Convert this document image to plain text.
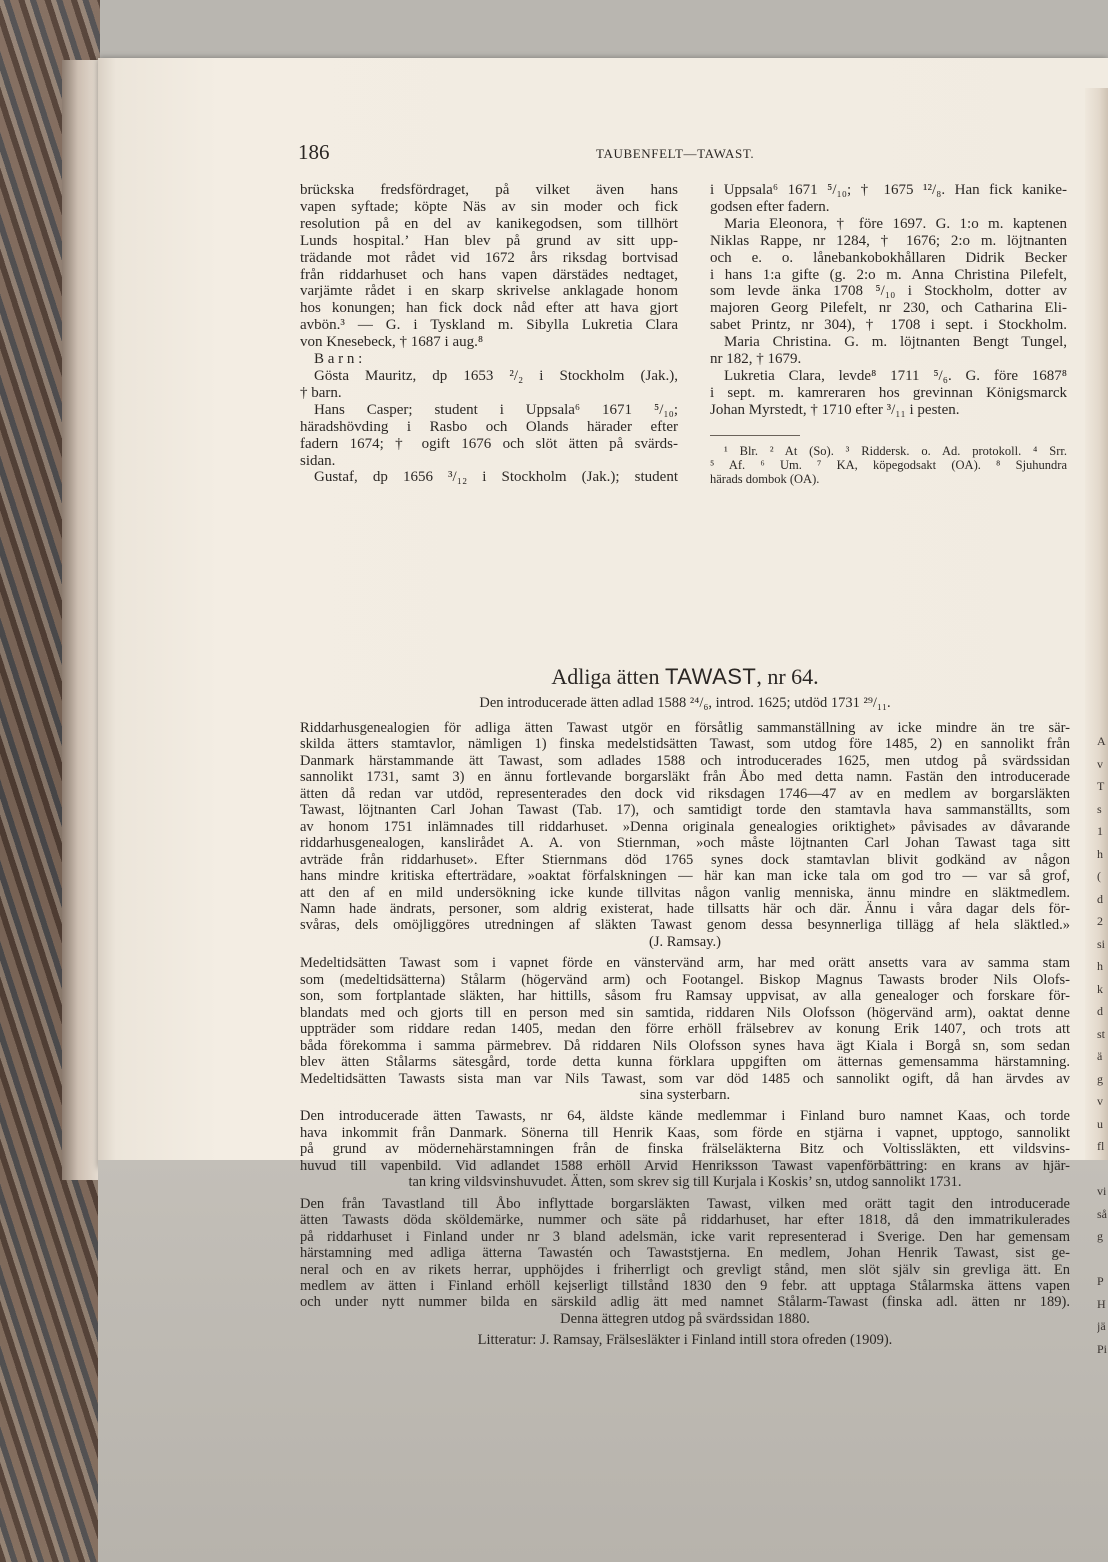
186	TAUBENFELT—TAWAST.
brückska fredsfördraget, på vilket även hans
vapen syftade; köpte Näs av sin moder och fick
resolution på en del av kanikegodsen, som tillhört
Lunds hospital.’ Han blev på grund av sitt upp-
trädande mot rådet vid 1672 års riksdag bortvisad
från riddarhuset och hans vapen därstädes nedtaget,
varjämte rådet i en skarp skrivelse anklagade honom
hos konungen; han fick dock nåd efter att hava gjort
avbön.³ — G. i Tyskland m. Sibylla Lukretia Clara
von Knesebeck, † 1687 i aug.⁸
B a r n :
Gösta Mauritz, dp 1653 ²/₂ i Stockholm (Jak.),
† barn.
Hans Casper; student i Uppsala⁶ 1671 ⁵/₁₀;
häradshövding i Rasbo och Olands härader efter
fadern 1674; † ogift 1676 och slöt ätten på svärds-
sidan.
Gustaf, dp 1656 ³/₁₂ i Stockholm (Jak.); student
i Uppsala⁶ 1671 ⁵/₁₀; † 1675 ¹²/₈. Han fick kanike-
godsen efter fadern.
Maria Eleonora, † före 1697. G. 1:o m. kaptenen
Niklas Rappe, nr 1284, † 1676; 2:o m. löjtnanten
och e. o. lånebankobokhållaren Didrik Becker
i hans 1:a gifte (g. 2:o m. Anna Christina Pilefelt,
som levde änka 1708 ⁵/₁₀ i Stockholm, dotter av
majoren Georg Pilefelt, nr 230, och Catharina Eli-
sabet Printz, nr 304), † 1708 i sept. i Stockholm.
Maria Christina. G. m. löjtnanten Bengt Tungel,
nr 182, † 1679.
Lukretia Clara, levde⁸ 1711 ⁵/₆. G. före 1687⁸
i sept. m. kamreraren hos grevinnan Königsmarck
Johan Myrstedt, † 1710 efter ³/₁₁ i pesten.
¹ Blr. ² At (So). ³ Riddersk. o. Ad. protokoll. ⁴ Srr.
⁵ Af. ⁶ Um. ⁷ KA, köpegodsakt (OA). ⁸ Sjuhundra
härads dombok (OA).
Adliga ätten TAWAST, nr 64.
Den introducerade ätten adlad 1588 ²⁴/₆, introd. 1625; utdöd 1731 ²⁹/₁₁.
Riddarhusgenealogien för adliga ätten Tawast utgör en försåtlig sammanställning av icke mindre än tre sär-
skilda ätters stamtavlor, nämligen 1) finska medelstidsätten Tawast, som utdog före 1485, 2) en sannolikt från
Danmark härstammande ätt Tawast, som adlades 1588 och introducerades 1625, men utdog på svärdssidan
sannolikt 1731, samt 3) en ännu fortlevande borgarsläkt från Åbo med detta namn. Fastän den introducerade
ätten då redan var utdöd, representerades den dock vid riksdagen 1746—47 av en medlem av borgarsläkten
Tawast, löjtnanten Carl Johan Tawast (Tab. 17), och samtidigt torde den stamtavla hava sammanställts, som
av honom 1751 inlämnades till riddarhuset. »Denna originala genealogies oriktighet» påvisades av dåvarande
riddarhusgenealogen, kanslirådet A. A. von Stiernman, »och måste löjtnanten Carl Johan Tawast taga sitt
avträde från riddarhuset». Efter Stiernmans död 1765 synes dock stamtavlan blivit godkänd av någon
hans mindre kritiska efterträdare, »oaktat förfalskningen — här kan man icke tala om god tro — var så grof,
att den af en mild undersökning icke kunde tillvitas någon vanlig menniska, ännu mindre en släktmedlem.
Namn hade ändrats, personer, som aldrig existerat, hade tillsatts här och där. Ännu i våra dagar dels för-
svåras, dels omöjliggöres utredningen af släkten Tawast genom dessa besynnerliga tillägg af hela släktled.»
(J. Ramsay.)
Medeltidsätten Tawast som i vapnet förde en vänstervänd arm, har med orätt ansetts vara av samma stam
som (medeltidsätterna) Stålarm (högervänd arm) och Footangel. Biskop Magnus Tawasts broder Nils Olofs-
son, som fortplantade släkten, har hittills, såsom fru Ramsay uppvisat, av alla genealoger och forskare för-
blandats med och gjorts till en person med sin samtida, riddaren Nils Olofsson (högervänd arm), oaktat denne
uppträder som riddare redan 1405, medan den förre erhöll frälsebrev av konung Erik 1407, och trots att
båda förekomma i samma pärmebrev. Då riddaren Nils Olofsson synes hava ägt Kiala i Borgå sn, som sedan
blev ätten Stålarms sätesgård, torde detta kunna förklara uppgiften om ätternas gemensamma härstamning.
Medeltidsätten Tawasts sista man var Nils Tawast, som var död 1485 och sannolikt ogift, då han ärvdes av
sina systerbarn.
Den introducerade ätten Tawasts, nr 64, äldste kände medlemmar i Finland buro namnet Kaas, och torde
hava inkommit från Danmark. Sönerna till Henrik Kaas, som förde en stjärna i vapnet, upptogo, sannolikt
på grund av mödernehärstamningen från de finska frälseläkterna Bitz och Voltissläkten, ett vildsvins-
huvud till vapenbild. Vid adlandet 1588 erhöll Arvid Henriksson Tawast vapenförbättring: en krans av hjär-
tan kring vildsvinshuvudet. Ätten, som skrev sig till Kurjala i Koskis’ sn, utdog sannolikt 1731.
Den från Tavastland till Åbo inflyttade borgarsläkten Tawast, vilken med orätt tagit den introducerade
ätten Tawasts döda sköldemärke, nummer och säte på riddarhuset, har efter 1818, då den immatrikulerades
på riddarhuset i Finland under nr 3 bland adelsmän, icke varit representerad i Sverige. Den har gemensam
härstamning med adliga ätterna Tawastén och Tawaststjerna. En medlem, Johan Henrik Tawast, sist ge-
neral och en av rikets herrar, upphöjdes i friherrligt och grevligt stånd, men slöt själv sin grevliga ätt. En
medlem av ätten i Finland erhöll kejserligt tillstånd 1830 den 9 febr. att upptaga Stålarmska ättens vapen
och under nytt nummer bilda en särskild adlig ätt med namnet Stålarm-Tawast (finska adl. ätten nr 189).
Denna ättegren utdog på svärdssidan 1880.
Litteratur: J. Ramsay, Frälsesläkter i Finland intill stora ofreden (1909).
A
v
T
s
1
h
(
d
2
si
h
k
d
st
ä
g
v
u
fl

vi
så
g

P
H
jä
Pi
